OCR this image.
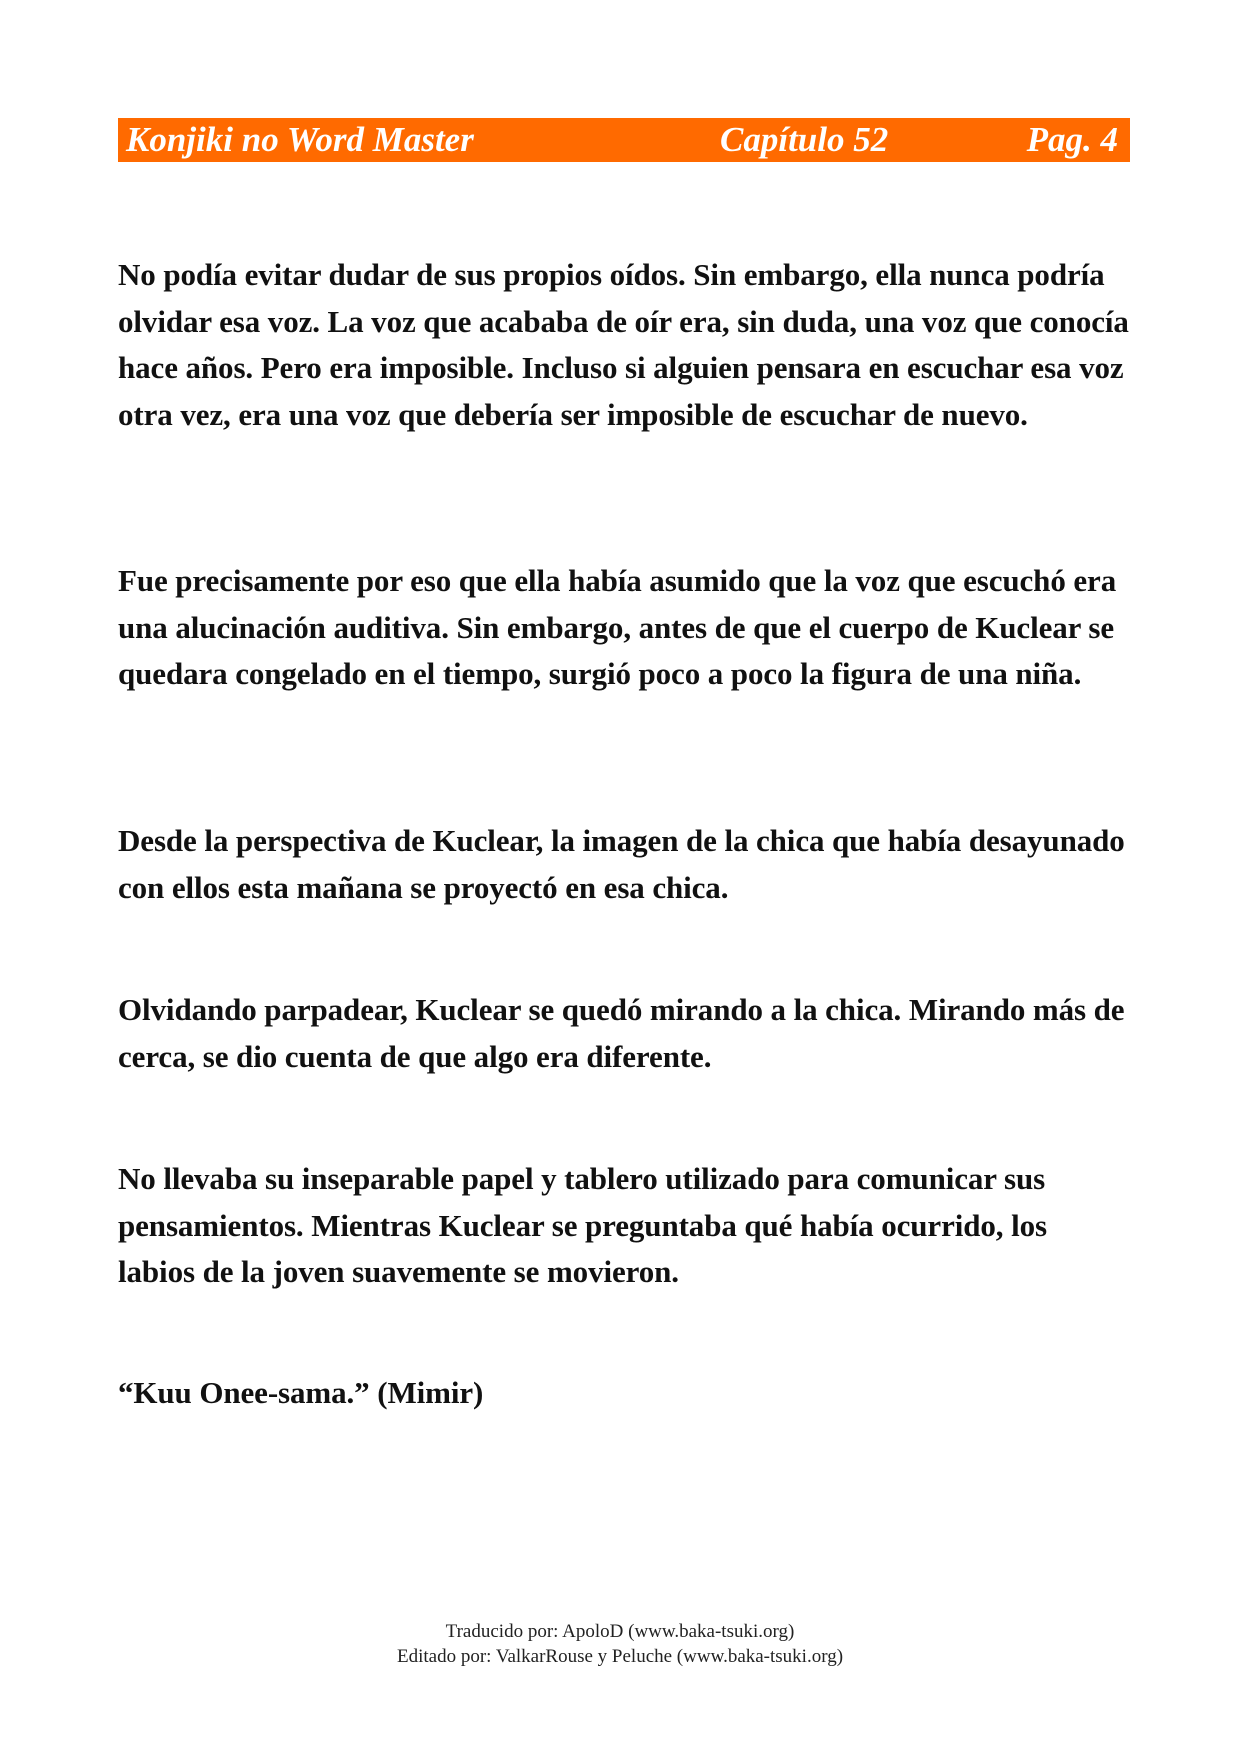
Konjiki no Word Master	Capítulo 52	Pag. 4

No podía evitar dudar de sus propios oídos. Sin embargo, ella nunca podría olvidar esa voz. La voz que acababa de oír era, sin duda, una voz que conocía hace años. Pero era imposible. Incluso si alguien pensara en escuchar esa voz otra vez, era una voz que debería ser imposible de escuchar de nuevo.

Fue precisamente por eso que ella había asumido que la voz que escuchó era una alucinación auditiva. Sin embargo, antes de que el cuerpo de Kuclear se quedara congelado en el tiempo, surgió poco a poco la figura de una niña.

Desde la perspectiva de Kuclear, la imagen de la chica que había desayunado con ellos esta mañana se proyectó en esa chica.

Olvidando parpadear, Kuclear se quedó mirando a la chica. Mirando más de cerca, se dio cuenta de que algo era diferente.

No llevaba su inseparable papel y tablero utilizado para comunicar sus pensamientos. Mientras Kuclear se preguntaba qué había ocurrido, los labios de la joven suavemente se movieron.

“Kuu Onee-sama.” (Mimir)

Traducido por: ApoloD (www.baka-tsuki.org)
Editado por: ValkarRouse y Peluche (www.baka-tsuki.org)
